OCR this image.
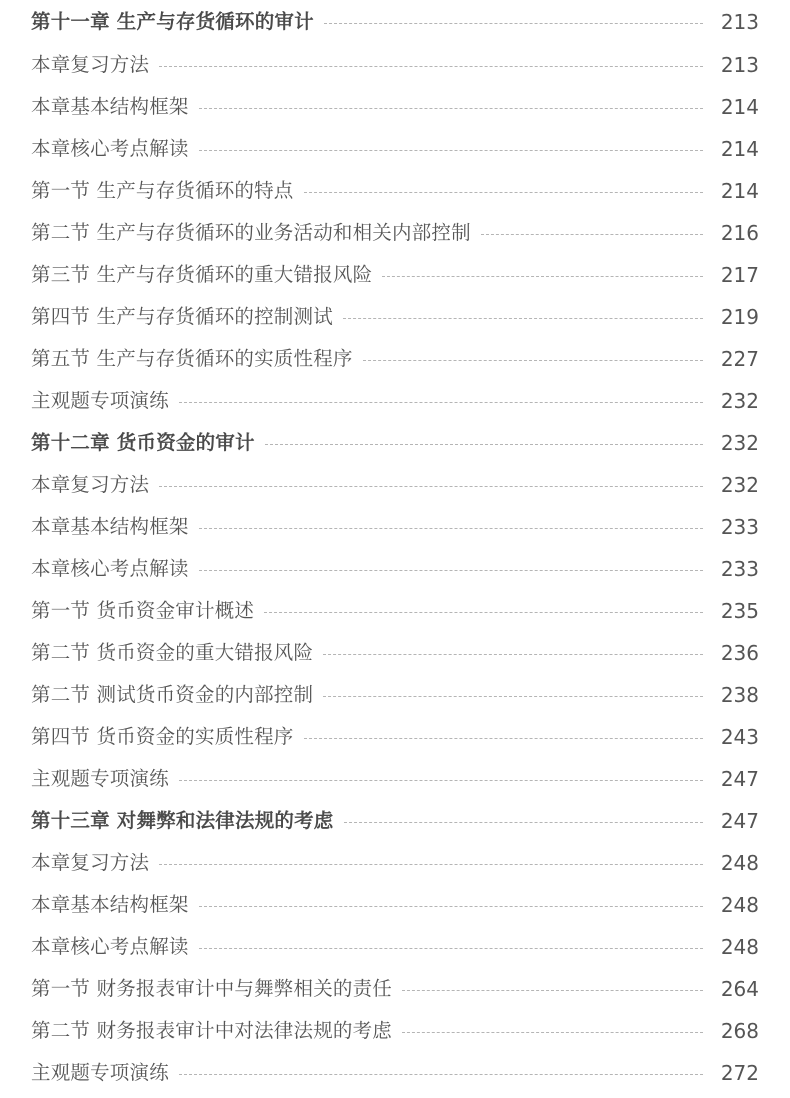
第十一章 生产与存货循环的审计	213
本章复习方法	213
本章基本结构框架	214
本章核心考点解读	214
第一节 生产与存货循环的特点	214
第二节 生产与存货循环的业务活动和相关内部控制	216
第三节 生产与存货循环的重大错报风险	217
第四节 生产与存货循环的控制测试	219
第五节 生产与存货循环的实质性程序	227
主观题专项演练	232
第十二章 货币资金的审计	232
本章复习方法	232
本章基本结构框架	233
本章核心考点解读	233
第一节 货币资金审计概述	235
第二节 货币资金的重大错报风险	236
第二节 测试货币资金的内部控制	238
第四节 货币资金的实质性程序	243
主观题专项演练	247
第十三章 对舞弊和法律法规的考虑	247
本章复习方法	248
本章基本结构框架	248
本章核心考点解读	248
第一节 财务报表审计中与舞弊相关的责任	264
第二节 财务报表审计中对法律法规的考虑	268
主观题专项演练	272
